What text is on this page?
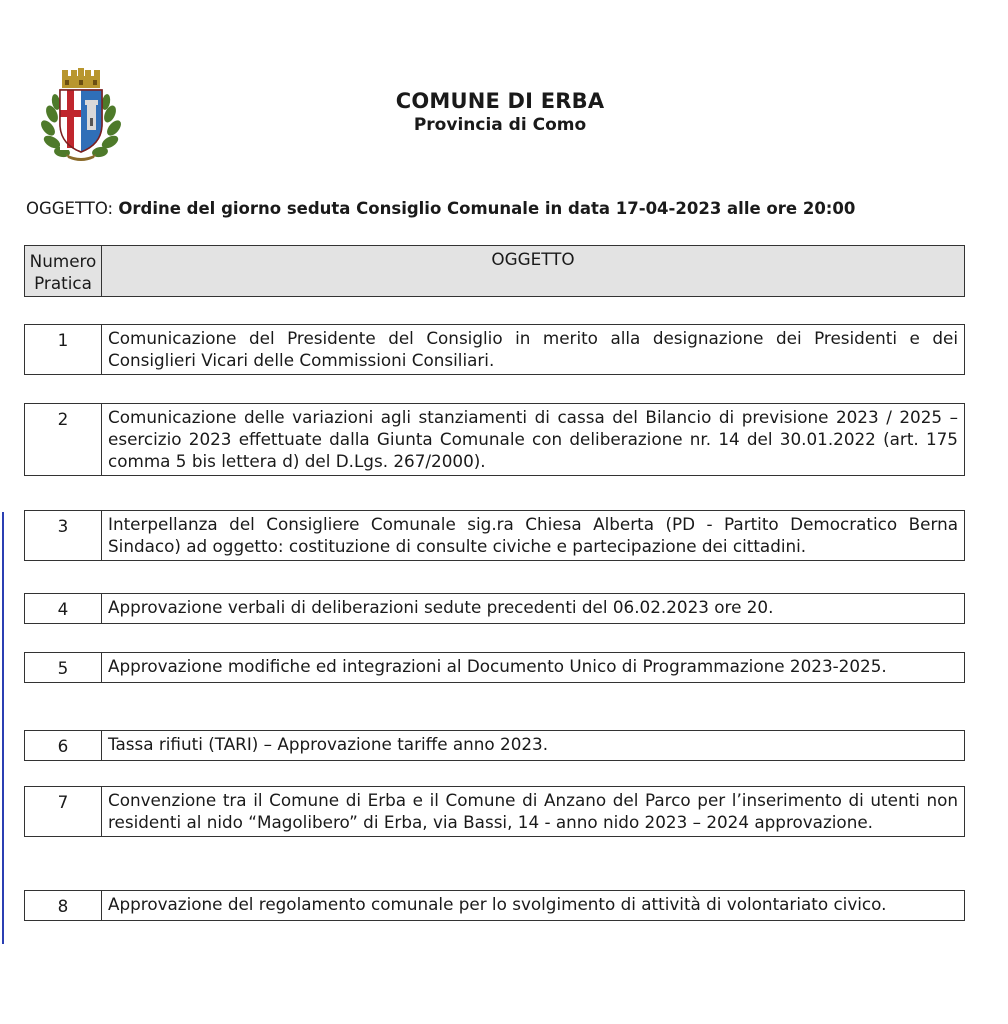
COMUNE DI ERBA
Provincia di Como
OGGETTO: Ordine del giorno seduta Consiglio Comunale in data 17-04-2023 alle ore 20:00
Numero
Pratica	OGGETTO
1	Comunicazione del Presidente del Consiglio in merito alla designazione dei Presidenti e dei Consiglieri Vicari delle Commissioni Consiliari.
2	Comunicazione delle variazioni agli stanziamenti di cassa del Bilancio di previsione 2023 / 2025 – esercizio 2023 effettuate dalla Giunta Comunale con deliberazione nr. 14 del 30.01.2022 (art. 175 comma 5 bis lettera d) del D.Lgs. 267/2000).
3	Interpellanza del Consigliere Comunale sig.ra Chiesa Alberta (PD - Partito Democratico Berna Sindaco) ad oggetto: costituzione di consulte civiche e partecipazione dei cittadini.
4	Approvazione verbali di deliberazioni sedute precedenti del 06.02.2023 ore 20.
5	Approvazione modifiche ed integrazioni al Documento Unico di Programmazione 2023-2025.
6	Tassa rifiuti (TARI) – Approvazione tariffe anno 2023.
7	Convenzione tra il Comune di Erba e il Comune di Anzano del Parco per l’inserimento di utenti non residenti al nido “Magolibero” di Erba, via Bassi, 14 - anno nido 2023 – 2024 approvazione.
8	Approvazione del regolamento comunale per lo svolgimento di attività di volontariato civico.
